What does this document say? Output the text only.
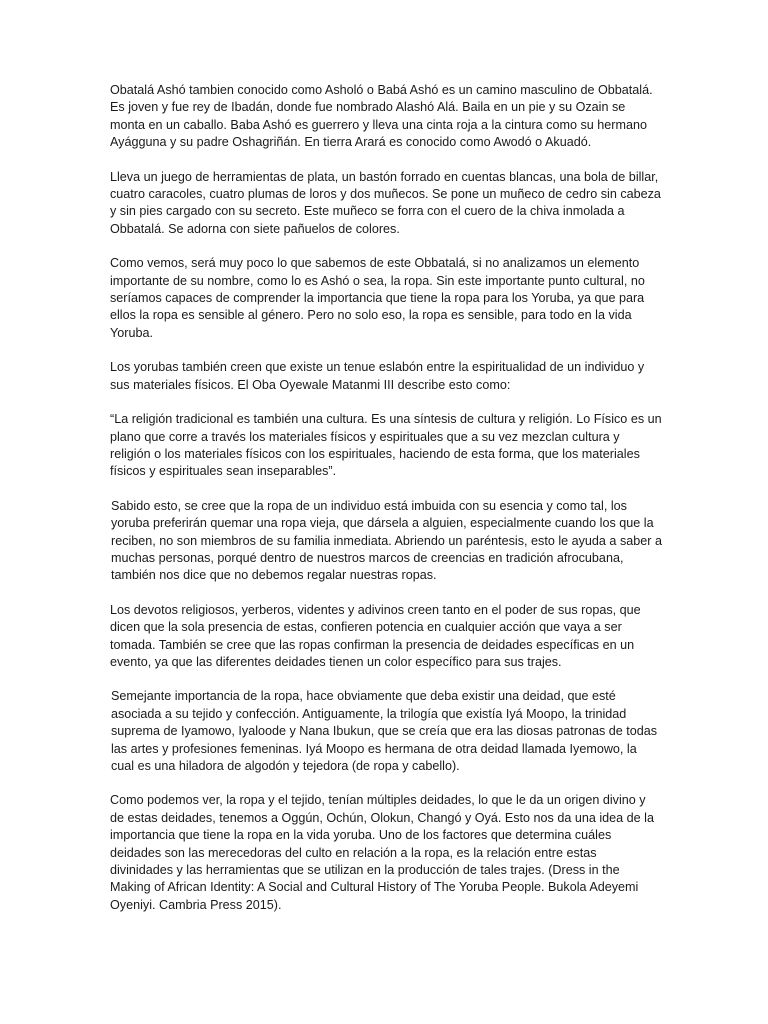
Obatalá Ashó tambien conocido como Asholó o Babá Ashó es un camino masculino de Obbatalá. Es joven y fue rey de Ibadán, donde fue nombrado Alashó Alá. Baila en un pie y su Ozain se monta en un caballo. Baba Ashó es guerrero y lleva una cinta roja a la cintura como su hermano Ayágguna y su padre Oshagriñán. En tierra Arará es conocido como Awodó o Akuadó.

Lleva un juego de herramientas de plata, un bastón forrado en cuentas blancas, una bola de billar, cuatro caracoles, cuatro plumas de loros y dos muñecos. Se pone un muñeco de cedro sin cabeza y sin pies cargado con su secreto. Este muñeco se forra con el cuero de la chiva inmolada a Obbatalá. Se adorna con siete pañuelos de colores.

Como vemos, será muy poco lo que sabemos de este Obbatalá, si no analizamos un elemento importante de su nombre, como lo es Ashó o sea, la ropa. Sin este importante punto cultural, no seríamos capaces de comprender la importancia que tiene la ropa para los Yoruba, ya que para ellos la ropa es sensible al género. Pero no solo eso, la ropa es sensible, para todo en la vida Yoruba.

Los yorubas también creen que existe un tenue eslabón entre la espiritualidad de un individuo y sus materiales físicos. El Oba Oyewale Matanmi III describe esto como:

“La religión tradicional es también una cultura. Es una síntesis de cultura y religión. Lo Físico es un plano que corre a través los materiales físicos y espirituales que a su vez mezclan cultura y religión o los materiales físicos con los espirituales, haciendo de esta forma, que los materiales físicos y espirituales sean inseparables”.

Sabido esto, se cree que la ropa de un individuo está imbuida con su esencia y como tal, los yoruba preferirán quemar una ropa vieja, que dársela a alguien, especialmente cuando los que la reciben, no son miembros de su familia inmediata. Abriendo un paréntesis, esto le ayuda a saber a muchas personas, porqué dentro de nuestros marcos de creencias en tradición afrocubana, también nos dice que no debemos regalar nuestras ropas.

Los devotos religiosos, yerberos, videntes y adivinos creen tanto en el poder de sus ropas, que dicen que la sola presencia de estas, confieren potencia en cualquier acción que vaya a ser tomada. También se cree que las ropas confirman la presencia de deidades específicas en un evento, ya que las diferentes deidades tienen un color específico para sus trajes.

Semejante importancia de la ropa, hace obviamente que deba existir una deidad, que esté asociada a su tejido y confección. Antiguamente, la trilogía que existía Iyá Moopo, la trinidad suprema de Iyamowo, Iyaloode y Nana Ibukun, que se creía que era las diosas patronas de todas las artes y profesiones femeninas. Iyá Moopo es hermana de otra deidad llamada Iyemowo, la cual es una hiladora de algodón y tejedora (de ropa y cabello).

Como podemos ver, la ropa y el tejido, tenían múltiples deidades, lo que le da un origen divino y de estas deidades, tenemos a Oggún, Ochún, Olokun, Changó y Oyá. Esto nos da una idea de la importancia que tiene la ropa en la vida yoruba. Uno de los factores que determina cuáles deidades son las merecedoras del culto en relación a la ropa, es la relación entre estas divinidades y las herramientas que se utilizan en la producción de tales trajes. (Dress in the Making of African Identity: A Social and Cultural History of The Yoruba People. Bukola Adeyemi Oyeniyi. Cambria Press 2015).
